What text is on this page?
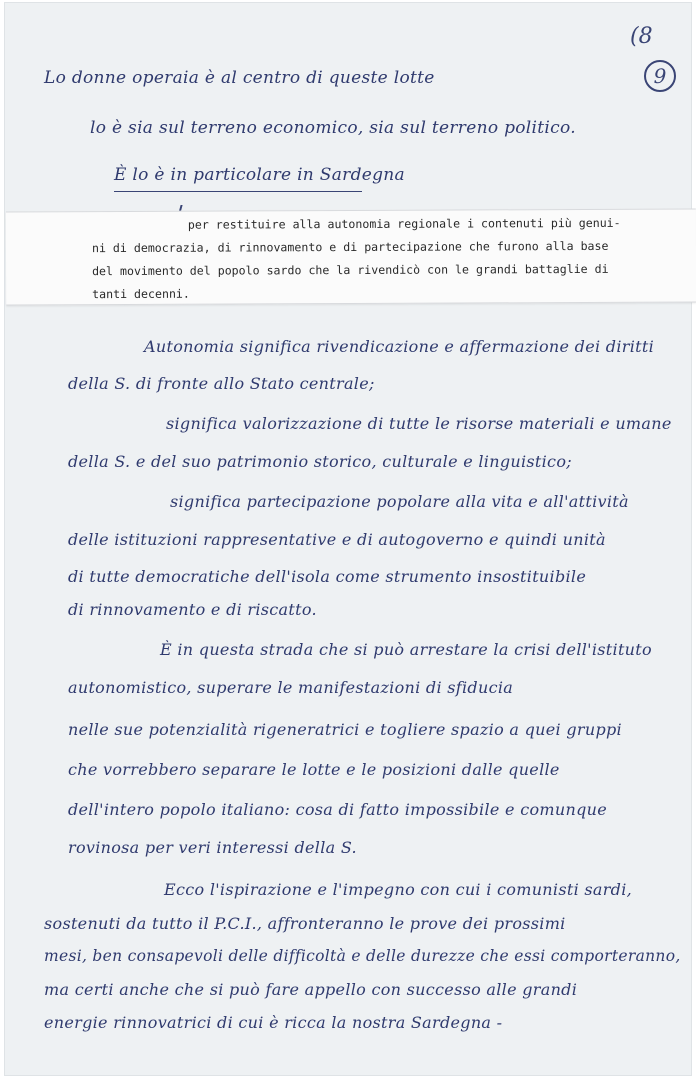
(8
9
Lo donne operaia è al centro di queste lotte
lo è sia sul terreno economico, sia sul terreno politico.
È lo è in particolare in Sardegna
per restituire alla autonomia regionale i contenuti più genui-
ni di democrazia, di rinnovamento e di partecipazione che furono alla base
del movimento del popolo sardo che la rivendicò con le grandi battaglie di
tanti decenni.
Autonomia significa rivendicazione e affermazione dei diritti
della S. di fronte allo Stato centrale;
significa valorizzazione di tutte le risorse materiali e umane
della S. e del suo patrimonio storico, culturale e linguistico;
significa partecipazione popolare alla vita e all'attività
delle istituzioni rappresentative e di autogoverno e quindi unità
di tutte democratiche dell'isola come strumento insostituibile
di rinnovamento e di riscatto.
È in questa strada che si può arrestare la crisi dell'istituto
autonomistico, superare le manifestazioni di sfiducia
nelle sue potenzialità rigeneratrici e togliere spazio a quei gruppi
che vorrebbero separare le lotte e le posizioni dalle quelle
dell'intero popolo italiano: cosa di fatto impossibile e comunque
rovinosa per veri interessi della S.
Ecco l'ispirazione e l'impegno con cui i comunisti sardi,
sostenuti da tutto il P.C.I., affronteranno le prove dei prossimi
mesi, ben consapevoli delle difficoltà e delle durezze che essi comporteranno,
ma certi anche che si può fare appello con successo alle grandi
energie rinnovatrici di cui è ricca la nostra Sardegna -
